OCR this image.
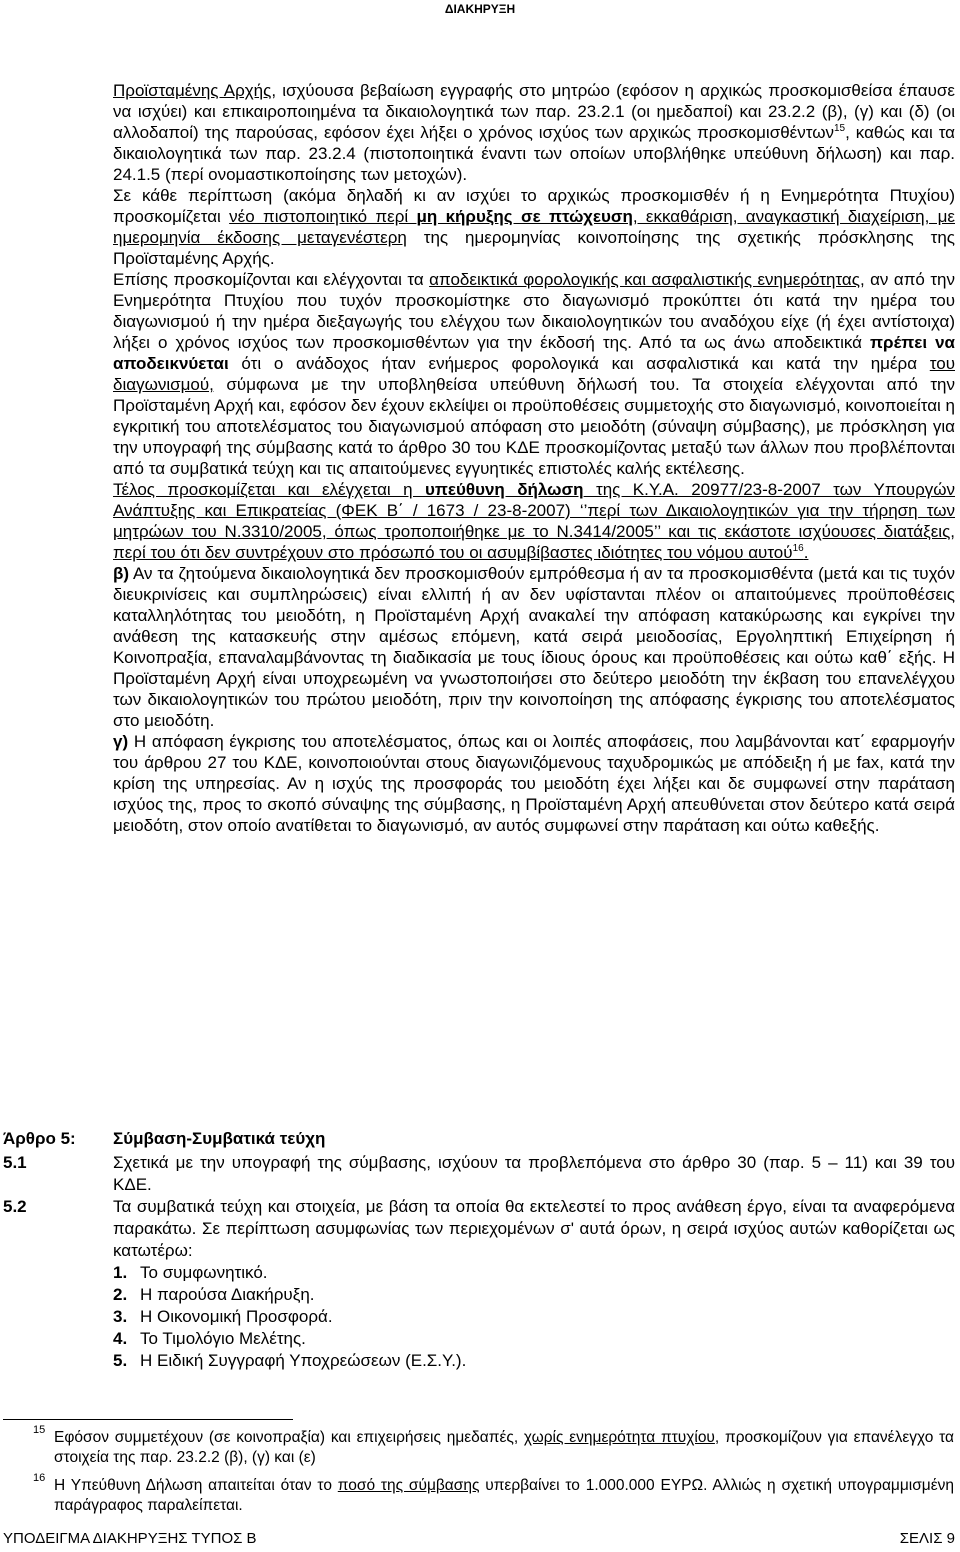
ΔΙΑΚΗΡΥΞΗ

Προϊσταμένης Αρχής, ισχύουσα βεβαίωση εγγραφής στο μητρώο (εφόσον η αρχικώς προσκομισθείσα έπαυσε να ισχύει) και επικαιροποιημένα τα δικαιολογητικά των παρ. 23.2.1 (οι ημεδαποί) και 23.2.2 (β), (γ) και (δ) (οι αλλοδαποί) της παρούσας, εφόσον έχει λήξει ο χρόνος ισχύος των αρχικώς προσκομισθέντων$^{15}$, καθώς και τα δικαιολογητικά των παρ. 23.2.4 (πιστοποιητικά έναντι των οποίων υποβλήθηκε υπεύθυνη δήλωση) και παρ. 24.1.5 (περί ονομαστικοποίησης των μετοχών).

Σε κάθε περίπτωση (ακόμα δηλαδή κι αν ισχύει το αρχικώς προσκομισθέν ή η Ενημερότητα Πτυχίου) προσκομίζεται νέο πιστοποιητικό περί μη κήρυξης σε πτώχευση, εκκαθάριση, αναγκαστική διαχείριση, με ημερομηνία έκδοσης μεταγενέστερη της ημερομηνίας κοινοποίησης της σχετικής πρόσκλησης της Προϊσταμένης Αρχής.

Επίσης προσκομίζονται και ελέγχονται τα αποδεικτικά φορολογικής και ασφαλιστικής ενημερότητας, αν από την Ενημερότητα Πτυχίου που τυχόν προσκομίστηκε στο διαγωνισμό προκύπτει ότι κατά την ημέρα του διαγωνισμού ή την ημέρα διεξαγωγής του ελέγχου των δικαιολογητικών του αναδόχου είχε (ή έχει αντίστοιχα) λήξει ο χρόνος ισχύος των προσκομισθέντων για την έκδοσή της. Από τα ως άνω αποδεικτικά πρέπει να αποδεικνύεται ότι ο ανάδοχος ήταν ενήμερος φορολογικά και ασφαλιστικά και κατά την ημέρα του διαγωνισμού, σύμφωνα με την υποβληθείσα υπεύθυνη δήλωσή του. Τα στοιχεία ελέγχονται από την Προϊσταμένη Αρχή και, εφόσον δεν έχουν εκλείψει οι προϋποθέσεις συμμετοχής στο διαγωνισμό, κοινοποιείται η εγκριτική του αποτελέσματος του διαγωνισμού απόφαση στο μειοδότη (σύναψη σύμβασης), με πρόσκληση για την υπογραφή της σύμβασης κατά το άρθρο 30 του ΚΔΕ προσκομίζοντας μεταξύ των άλλων που προβλέπονται από τα συμβατικά τεύχη και τις απαιτούμενες εγγυητικές επιστολές καλής εκτέλεσης.

Τέλος προσκομίζεται και ελέγχεται η υπεύθυνη δήλωση της Κ.Υ.Α. 20977/23-8-2007 των Υπουργών Ανάπτυξης και Επικρατείας (ΦΕΚ Β΄ / 1673 / 23-8-2007) ‘’περί των Δικαιολογητικών για την τήρηση των μητρώων του Ν.3310/2005, όπως τροποποιήθηκε με το Ν.3414/2005’’ και τις εκάστοτε ισχύουσες διατάξεις, περί του ότι δεν συντρέχουν στο πρόσωπό του οι ασυμβίβαστες ιδιότητες του νόμου αυτού$^{16}$.

β) Αν τα ζητούμενα δικαιολογητικά δεν προσκομισθούν εμπρόθεσμα ή αν τα προσκομισθέντα (μετά και τις τυχόν διευκρινίσεις και συμπληρώσεις) είναι ελλιπή ή αν δεν υφίστανται πλέον οι απαιτούμενες προϋποθέσεις καταλληλότητας του μειοδότη, η Προϊσταμένη Αρχή ανακαλεί την απόφαση κατακύρωσης και εγκρίνει την ανάθεση της κατασκευής στην αμέσως επόμενη, κατά σειρά μειοδοσίας, Εργοληπτική Επιχείρηση ή Κοινοπραξία, επαναλαμβάνοντας τη διαδικασία με τους ίδιους όρους και προϋποθέσεις και ούτω καθ΄ εξής. Η Προϊσταμένη Αρχή είναι υποχρεωμένη να γνωστοποιήσει στο δεύτερο μειοδότη την έκβαση του επανελέγχου των δικαιολογητικών του πρώτου μειοδότη, πριν την κοινοποίηση της απόφασης έγκρισης του αποτελέσματος στο μειοδότη.

γ) Η απόφαση έγκρισης του αποτελέσματος, όπως και οι λοιπές αποφάσεις, που λαμβάνονται κατ΄ εφαρμογήν του άρθρου 27 του ΚΔΕ, κοινοποιούνται στους διαγωνιζόμενους ταχυδρομικώς με απόδειξη ή με fax, κατά την κρίση της υπηρεσίας. Αν η ισχύς της προσφοράς του μειοδότη έχει λήξει και δε συμφωνεί στην παράταση ισχύος της, προς το σκοπό σύναψης της σύμβασης, η Προϊσταμένη Αρχή απευθύνεται στον δεύτερο κατά σειρά μειοδότη, στον οποίο ανατίθεται το διαγωνισμό, αν αυτός συμφωνεί στην παράταση και ούτω καθεξής.

Άρθρο 5: Σύμβαση-Συμβατικά τεύχη
5.1	Σχετικά με την υπογραφή της σύμβασης, ισχύουν τα προβλεπόμενα στο άρθρο 30 (παρ. 5 – 11) και 39 του ΚΔΕ.
5.2	Τα συμβατικά τεύχη και στοιχεία, με βάση τα οποία θα εκτελεστεί το προς ανάθεση έργο, είναι τα αναφερόμενα παρακάτω. Σε περίπτωση ασυμφωνίας των περιεχομένων σ' αυτά όρων, η σειρά ισχύος αυτών καθορίζεται ως κατωτέρω:
1. Το συμφωνητικό.
2. Η παρούσα Διακήρυξη.
3. Η Οικονομική Προσφορά.
4. Το Τιμολόγιο Μελέτης.
5. Η Ειδική Συγγραφή Υποχρεώσεων (Ε.Σ.Υ.).
15 Εφόσον συμμετέχουν (σε κοινοπραξία) και επιχειρήσεις ημεδαπές, χωρίς ενημερότητα πτυχίου, προσκομίζουν για επανέλεγχο τα στοιχεία της παρ. 23.2.2 (β), (γ) και (ε)
16 Η Υπεύθυνη Δήλωση απαιτείται όταν το ποσό της σύμβασης υπερβαίνει το 1.000.000 ΕΥΡΩ. Αλλιώς η σχετική υπογραμμισμένη παράγραφος παραλείπεται.
ΥΠΟΔΕΙΓΜΑ ΔΙΑΚΗΡΥΞΗΣ ΤΥΠΟΣ Β	ΣΕΛΙΣ 9
